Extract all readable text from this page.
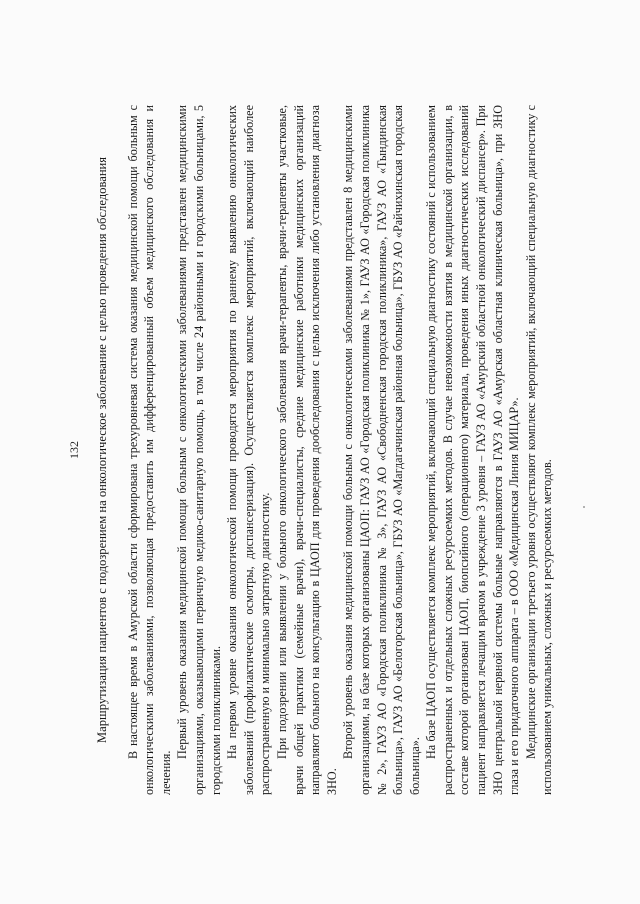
132 Маршрутизация пациентов с подозрением на онкологическое заболевание с целью проведения обследования В настоящее время в Амурской области сформирована трехуровневая система оказания медицинской помощи больным с онкологическими заболеваниями, позволяющая предоставить им дифференцированный объем медицинского обследования и лечения.

Первый уровень оказания медицинской помощи больным с онкологическими заболеваниями представлен медицинскими организациями, оказывающими первичную медико-санитарную помощь, в том числе 24 районными и городскими больницами, 5 городскими поликлиниками. На первом уровне оказания онкологической помощи проводятся мероприятия по раннему выявлению онкологических заболеваний (профилактические осмотры, диспансеризация). Осуществляется комплекс мероприятий, включающий наиболее распространенную и минимально затратную диагностику. При подозрении или выявлении у больного онкологического заболевания врачи-терапевты, врачи-терапевты участковые, врачи общей практики (семейные врачи), врачи-специалисты, средние медицинские работники медицинских организаций направляют больного на консультацию в ЦАОП для проведения дообследования с целью исключения либо установления диагноза ЗНО.

Второй уровень оказания медицинской помощи больным с онкологическими заболеваниями представлен 8 медицинскими организациями, на базе которых организованы ЦАОП: ГАУЗ АО «Городская поликлиника № 1», ГАУЗ АО «Городская поликлиника № 2», ГАУЗ АО «Городская поликлиника № 3», ГАУЗ АО «Свободненская городская поликлиника», ГАУЗ АО «Тындинская больница», ГАУЗ АО «Белогорская больница», ГБУЗ АО «Магдагачинская районная больница», ГБУЗ АО «Райчихинская городская больница».

На базе ЦАОП осуществляется комплекс мероприятий, включающий специальную диагностику состояний с использованием распространенных и отдельных сложных ресурсоемких методов. В случае невозможности взятия в медицинской организации, в составе которой организован ЦАОП, биопсийного (операционного) материала, проведения иных диагностических исследований пациент направляется лечащим врачом в учреждение 3 уровня – ГАУЗ АО «Амурский областной онкологический диспансер». При ЗНО центральной нервной системы больные направляются в ГАУЗ АО «Амурская областная клиническая больница», при ЗНО глаза и его придаточного аппарата – в ООО «Медицинская Линия МИЦАР». Медицинские организации третьего уровня осуществляют комплекс мероприятий, включающий специальную диагностику с использованием уникальных, сложных и ресурсоемких методов.
